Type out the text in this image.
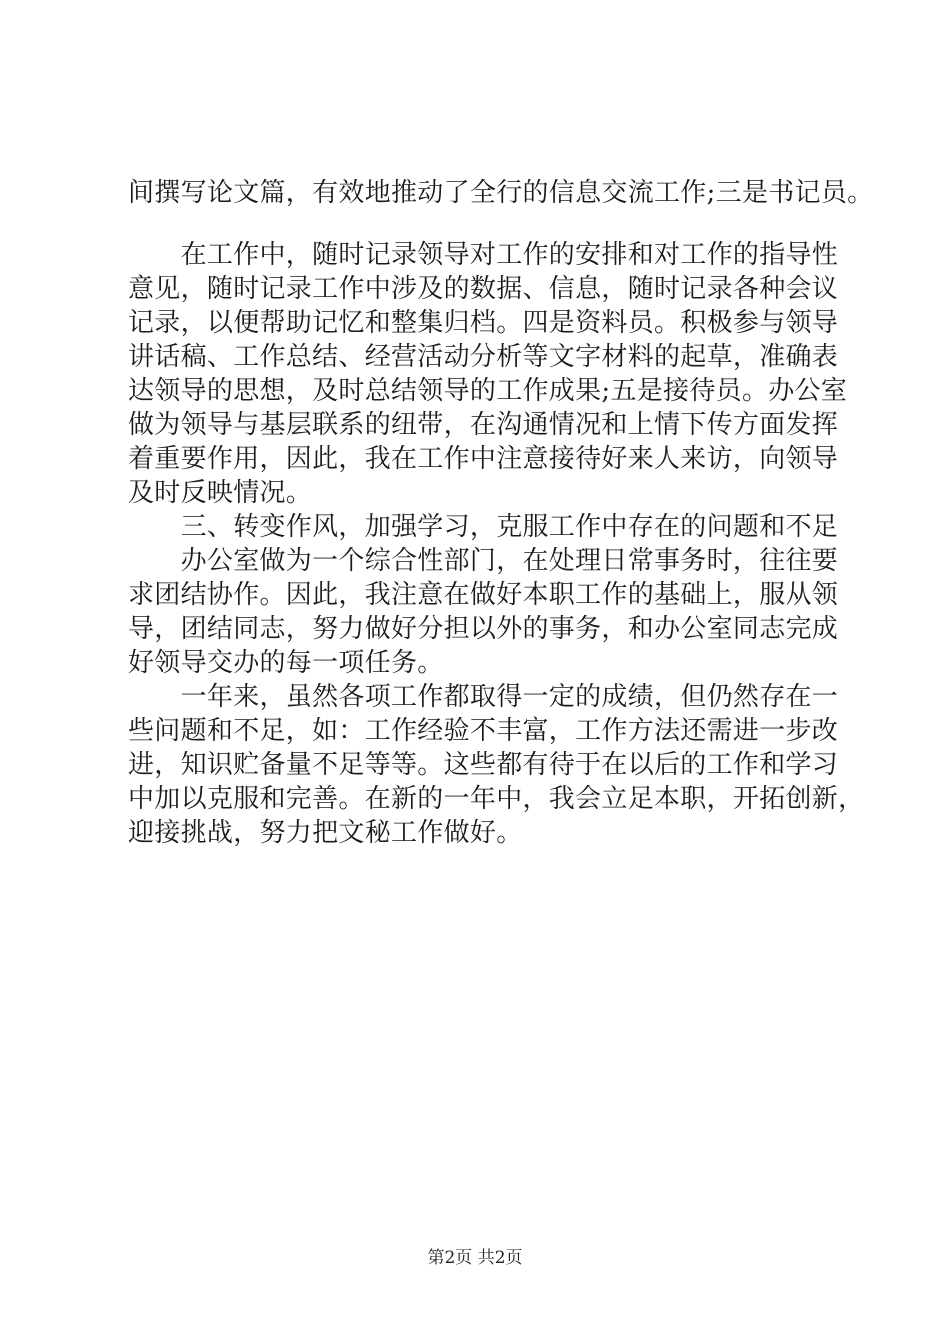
间撰写论文篇，有效地推动了全行的信息交流工作;三是书记员。
　　在工作中，随时记录领导对工作的安排和对工作的指导性
意见，随时记录工作中涉及的数据、信息，随时记录各种会议
记录，以便帮助记忆和整集归档。四是资料员。积极参与领导
讲话稿、工作总结、经营活动分析等文字材料的起草，准确表
达领导的思想，及时总结领导的工作成果;五是接待员。办公室
做为领导与基层联系的纽带，在沟通情况和上情下传方面发挥
着重要作用，因此，我在工作中注意接待好来人来访，向领导
及时反映情况。
　　三、转变作风，加强学习，克服工作中存在的问题和不足
　　办公室做为一个综合性部门，在处理日常事务时，往往要
求团结协作。因此，我注意在做好本职工作的基础上，服从领
导，团结同志，努力做好分担以外的事务，和办公室同志完成
好领导交办的每一项任务。
　　一年来，虽然各项工作都取得一定的成绩，但仍然存在一
些问题和不足，如：工作经验不丰富，工作方法还需进一步改
进，知识贮备量不足等等。这些都有待于在以后的工作和学习
中加以克服和完善。在新的一年中，我会立足本职，开拓创新，
迎接挑战，努力把文秘工作做好。
第2页 共2页
